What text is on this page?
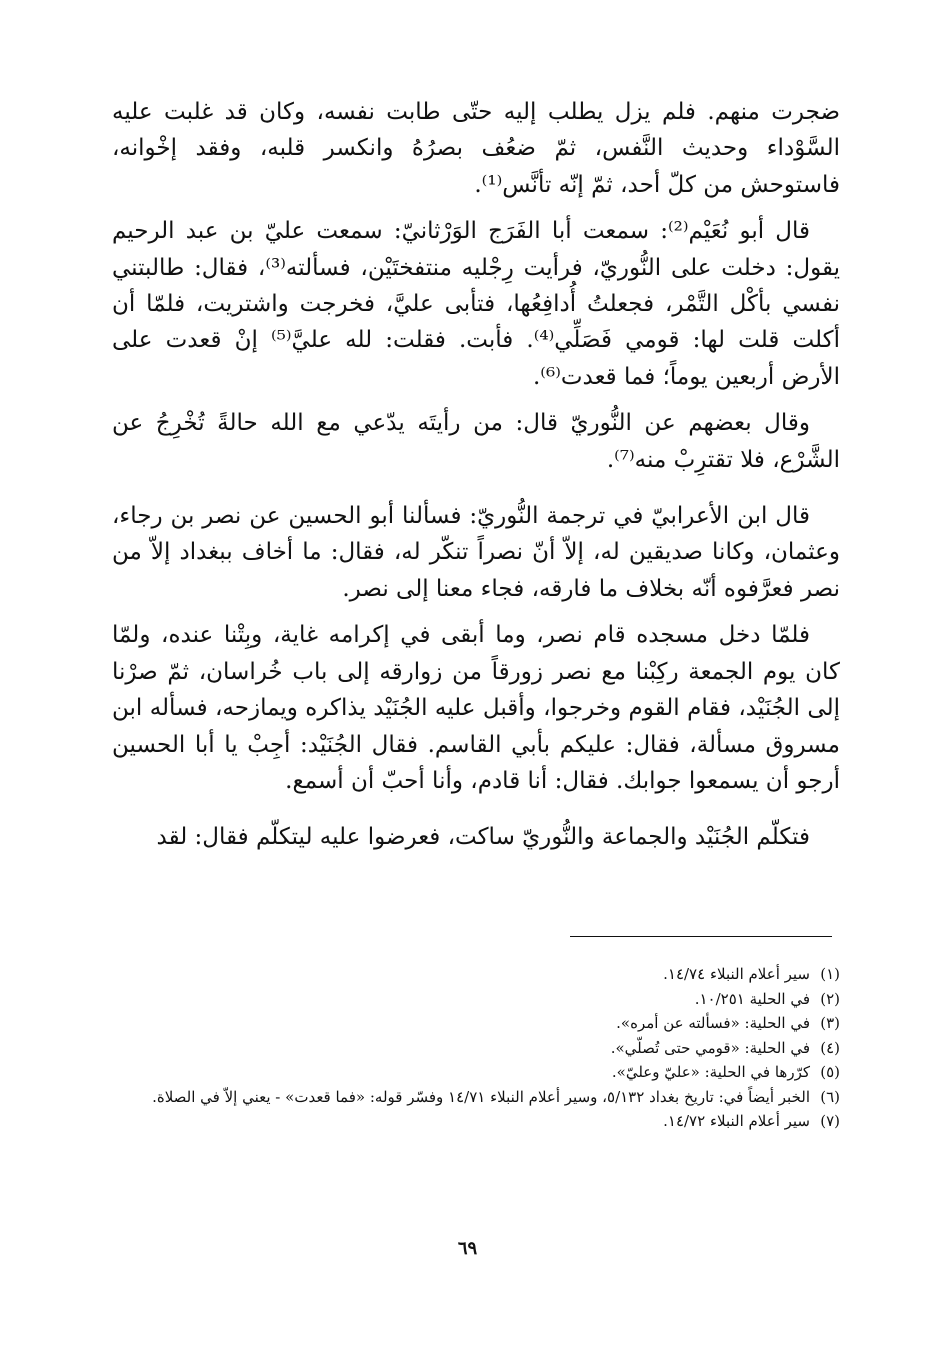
ضجرت منهم. فلم يزل يطلب إليه حتّى طابت نفسه، وكان قد غلبت عليه السَّوْداء وحديث النَّفس، ثمّ ضعُف بصرُهُ وانكسر قلبه، وفقد إخْوانه، فاستوحش من كلّ أحد، ثمّ إنّه تأنَّس⁽¹⁾.

قال أبو نُعَيْم⁽²⁾: سمعت أبا الفَرَج الوَرْثانيّ: سمعت عليّ بن عبد الرحيم يقول: دخلت على النُّوريّ، فرأيت رِجْليه منتفختَيْن، فسألته⁽³⁾، فقال: طالبتني نفسي بأكْل التَّمْر، فجعلتُ أُدافِعُها، فتأبى عليَّ، فخرجت واشتريت، فلمّا أن أكلت قلت لها: قومي فَصَلِّي⁽⁴⁾. فأبت. فقلت: لله عليَّ⁽⁵⁾ إنْ قعدت على الأرض أربعين يوماً؛ فما قعدت⁽⁶⁾.

وقال بعضهم عن النُّوريّ قال: من رأيتَه يدّعي مع الله حالةً تُخْرِجُ عن الشَّرْع، فلا تقترِبْ منه⁽⁷⁾.

قال ابن الأعرابيّ في ترجمة النُّوريّ: فسألنا أبو الحسين عن نصر بن رجاء، وعثمان، وكانا صديقين له، إلاّ أنّ نصراً تنكّر له، فقال: ما أخاف ببغداد إلاّ من نصر فعرَّفوه أنّه بخلاف ما فارقه، فجاء معنا إلى نصر.

فلمّا دخل مسجده قام نصر، وما أبقى في إكرامه غاية، وبِتْنا عنده، ولمّا كان يوم الجمعة ركِبْنا مع نصر زورقاً من زوارقه إلى باب خُراسان، ثمّ صرْنا إلى الجُنَيْد، فقام القوم وخرجوا، وأقبل عليه الجُنَيْد يذاكره ويمازحه، فسأله ابن مسروق مسألة، فقال: عليكم بأبي القاسم. فقال الجُنَيْد: أجِبْ يا أبا الحسين أرجو أن يسمعوا جوابك. فقال: أنا قادم، وأنا أحبّ أن أسمع.

فتكلّم الجُنَيْد والجماعة والنُّوريّ ساكت، فعرضوا عليه ليتكلّم فقال: لقد

(١)
سير أعلام النبلاء ١٤/٧٤.
(٢)
في الحلية ١٠/٢٥١.
(٣)
في الحلية: «فسألته عن أمره».
(٤)
في الحلية: «قومي حتى تُصلّي».
(٥)
كرّرها في الحلية: «عليّ وعليّ».
(٦)
الخبر أيضاً في: تاريخ بغداد ٥/١٣٢، وسير أعلام النبلاء ١٤/٧١ وفسّر قوله: «فما قعدت» - يعني إلاّ في الصلاة.
(٧)
سير أعلام النبلاء ١٤/٧٢.
٦٩
